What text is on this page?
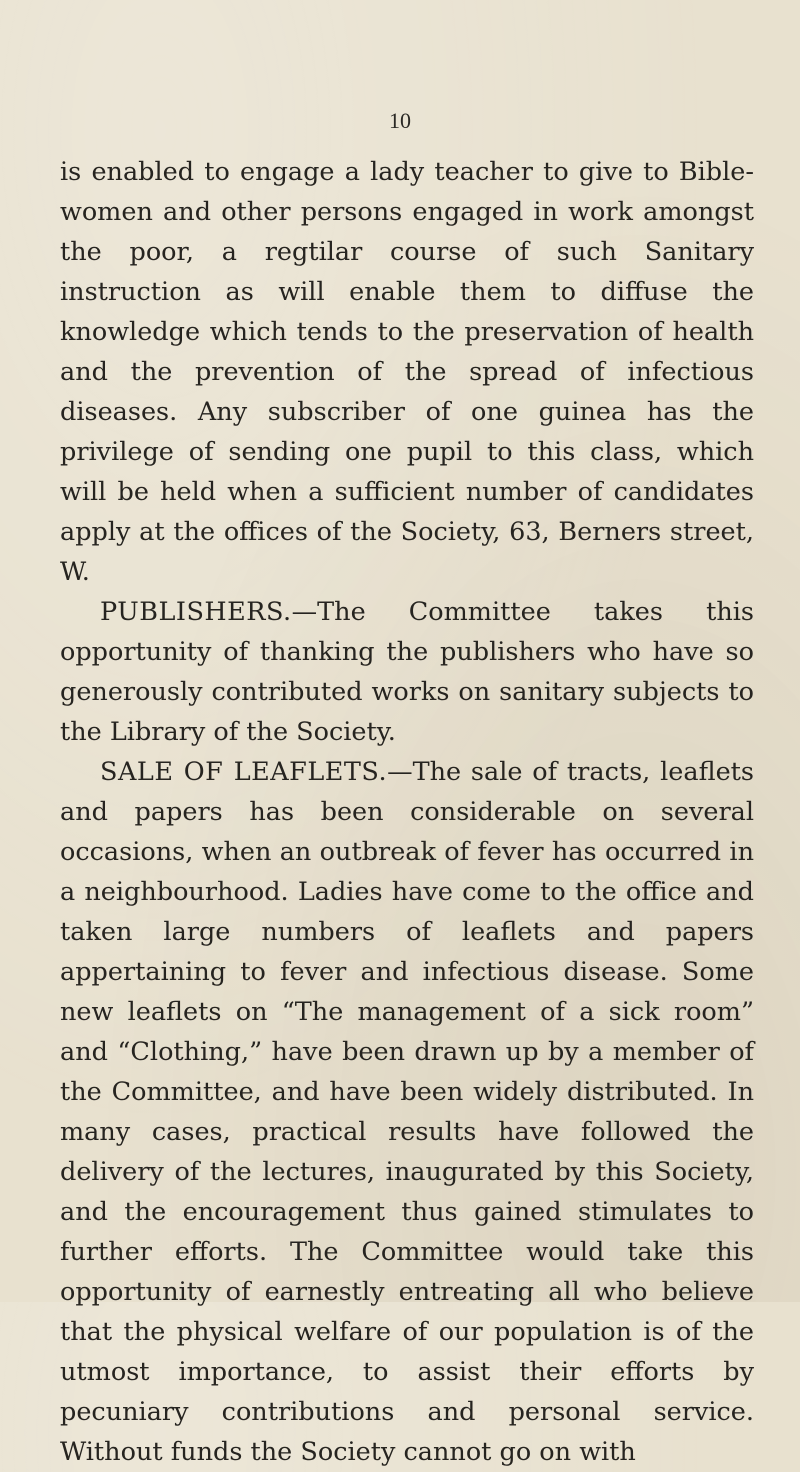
10

is enabled to engage a lady teacher to give to Bible-women and other persons engaged in work amongst the poor, a regtilar course of such Sanitary instruction as will enable them to diffuse the knowledge which tends to the preservation of health and the prevention of the spread of infectious diseases. Any subscriber of one guinea has the privilege of sending one pupil to this class, which will be held when a sufficient number of candidates apply at the offices of the Society, 63, Berners street, W.

PUBLISHERS.—The Committee takes this opportunity of thanking the publishers who have so generously contributed works on sanitary subjects to the Library of the Society.

SALE OF LEAFLETS.—The sale of tracts, leaflets and papers has been considerable on several occasions, when an outbreak of fever has occurred in a neighbourhood. Ladies have come to the office and taken large numbers of leaflets and papers appertaining to fever and infectious disease. Some new leaflets on “The management of a sick room” and “Clothing,” have been drawn up by a member of the Committee, and have been widely distributed. In many cases, practical results have followed the delivery of the lectures, inaugurated by this Society, and the encouragement thus gained stimulates to further efforts. The Committee would take this opportunity of earnestly entreating all who believe that the physical welfare of our population is of the utmost importance, to assist their efforts by pecuniary contributions and personal service. Without funds the Society cannot go on with
